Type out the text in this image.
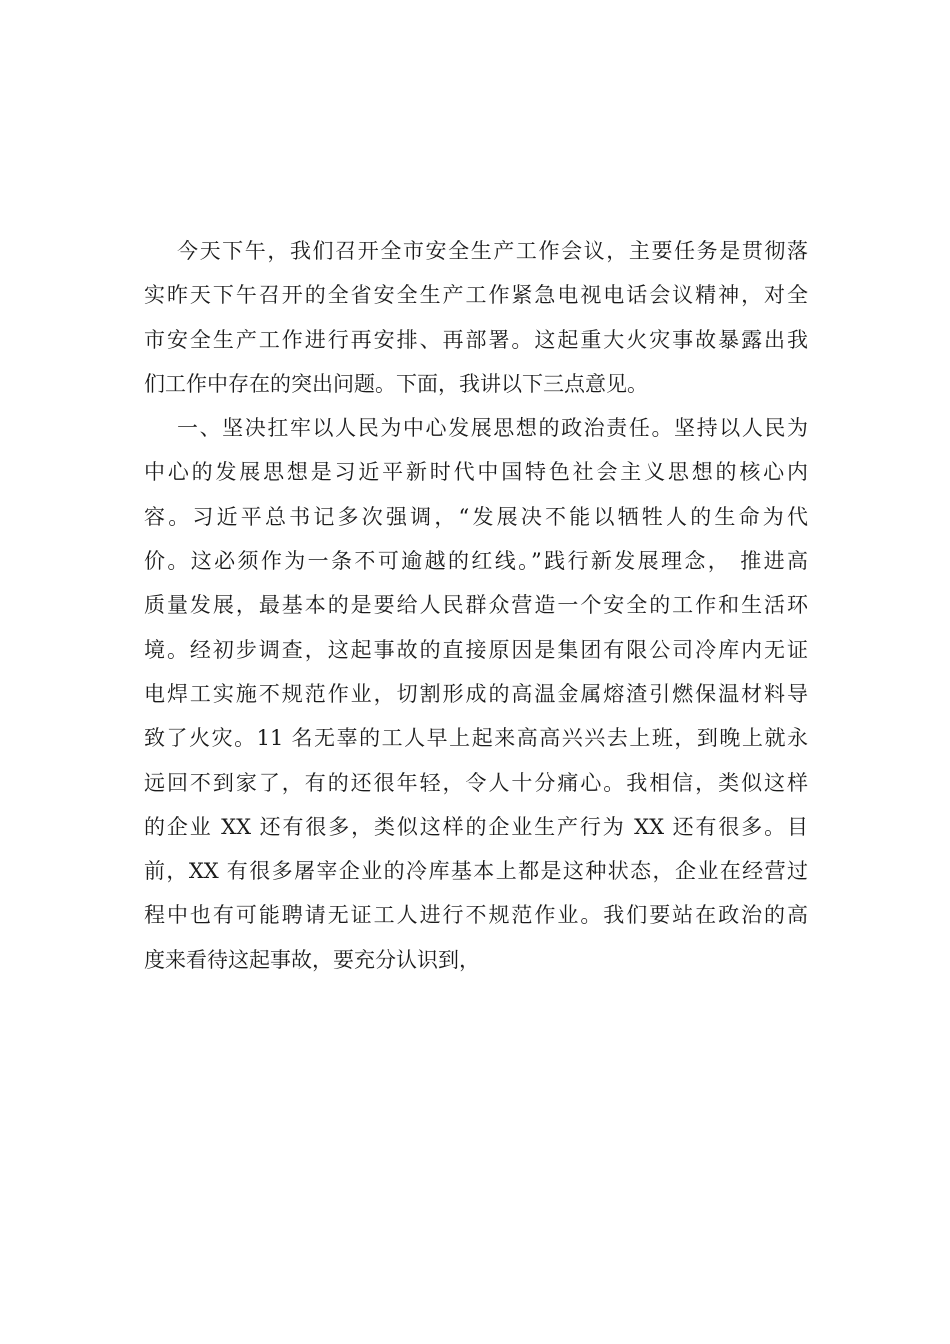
今天下午，我们召开全市安全生产工作会议，主要任务是贯彻落
实昨天下午召开的全省安全生产工作紧急电视电话会议精神，对全
市安全生产工作进行再安排、再部署。这起重大火灾事故暴露出我
们工作中存在的突出问题。下面，我讲以下三点意见。
一、坚决扛牢以人民为中心发展思想的政治责任。坚持以人民为
中心的发展思想是习近平新时代中国特色社会主义思想的核心内
容。习近平总书记多次强调，“发展决不能以牺牲人的生命为代
价。这必须作为一条不可逾越的红线。”践行新发展理念， 推进高
质量发展，最基本的是要给人民群众营造一个安全的工作和生活环
境。经初步调查，这起事故的直接原因是集团有限公司冷库内无证
电焊工实施不规范作业，切割形成的高温金属熔渣引燃保温材料导
致了火灾。11 名无辜的工人早上起来高高兴兴去上班，到晚上就永
远回不到家了，有的还很年轻，令人十分痛心。我相信，类似这样
的企业 XX 还有很多，类似这样的企业生产行为 XX 还有很多。目
前，XX 有很多屠宰企业的冷库基本上都是这种状态，企业在经营过
程中也有可能聘请无证工人进行不规范作业。我们要站在政治的高
度来看待这起事故，要充分认识到，
